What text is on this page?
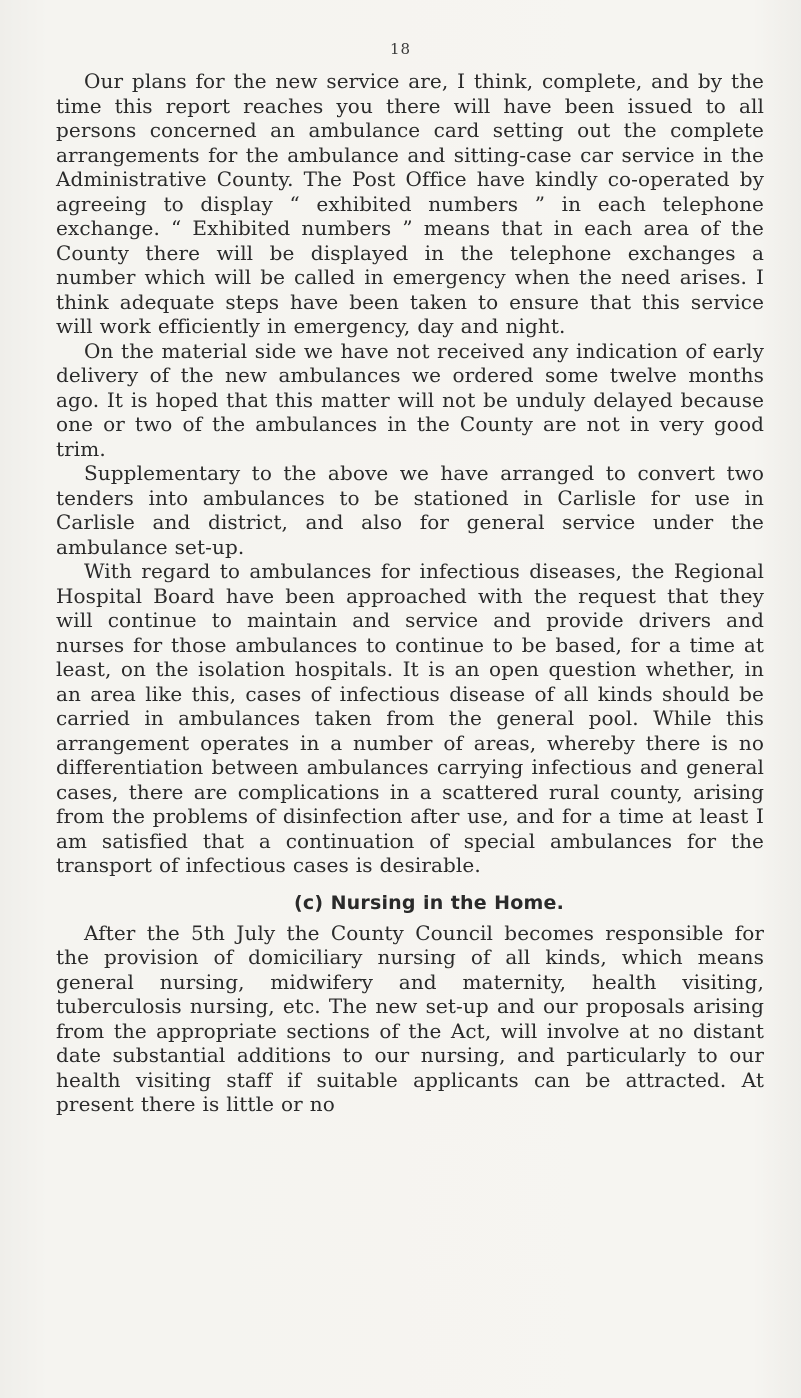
18

Our plans for the new service are, I think, complete, and by the time this report reaches you there will have been issued to all persons concerned an ambulance card setting out the complete arrangements for the ambulance and sitting-case car service in the Administrative County. The Post Office have kindly co-operated by agreeing to display “ exhibited numbers ” in each telephone exchange. “ Exhibited numbers ” means that in each area of the County there will be displayed in the telephone exchanges a number which will be called in emergency when the need arises. I think adequate steps have been taken to ensure that this service will work efficiently in emergency, day and night.

On the material side we have not received any indication of early delivery of the new ambulances we ordered some twelve months ago. It is hoped that this matter will not be unduly delayed because one or two of the ambulances in the County are not in very good trim.

Supplementary to the above we have arranged to convert two tenders into ambulances to be stationed in Carlisle for use in Carlisle and district, and also for general service under the ambulance set-up.

With regard to ambulances for infectious diseases, the Regional Hospital Board have been approached with the request that they will continue to maintain and service and provide drivers and nurses for those ambulances to continue to be based, for a time at least, on the isolation hospitals. It is an open question whether, in an area like this, cases of infectious disease of all kinds should be carried in ambulances taken from the general pool. While this arrangement operates in a number of areas, whereby there is no differentiation between ambulances carrying infectious and general cases, there are complications in a scattered rural county, arising from the problems of disinfection after use, and for a time at least I am satisfied that a continuation of special ambulances for the transport of infectious cases is desirable.

(c) Nursing in the Home.

After the 5th July the County Council becomes responsible for the provision of domiciliary nursing of all kinds, which means general nursing, midwifery and maternity, health visiting, tuberculosis nursing, etc. The new set-up and our proposals arising from the appropriate sections of the Act, will involve at no distant date substantial additions to our nursing, and particularly to our health visiting staff if suitable applicants can be attracted. At present there is little or no
